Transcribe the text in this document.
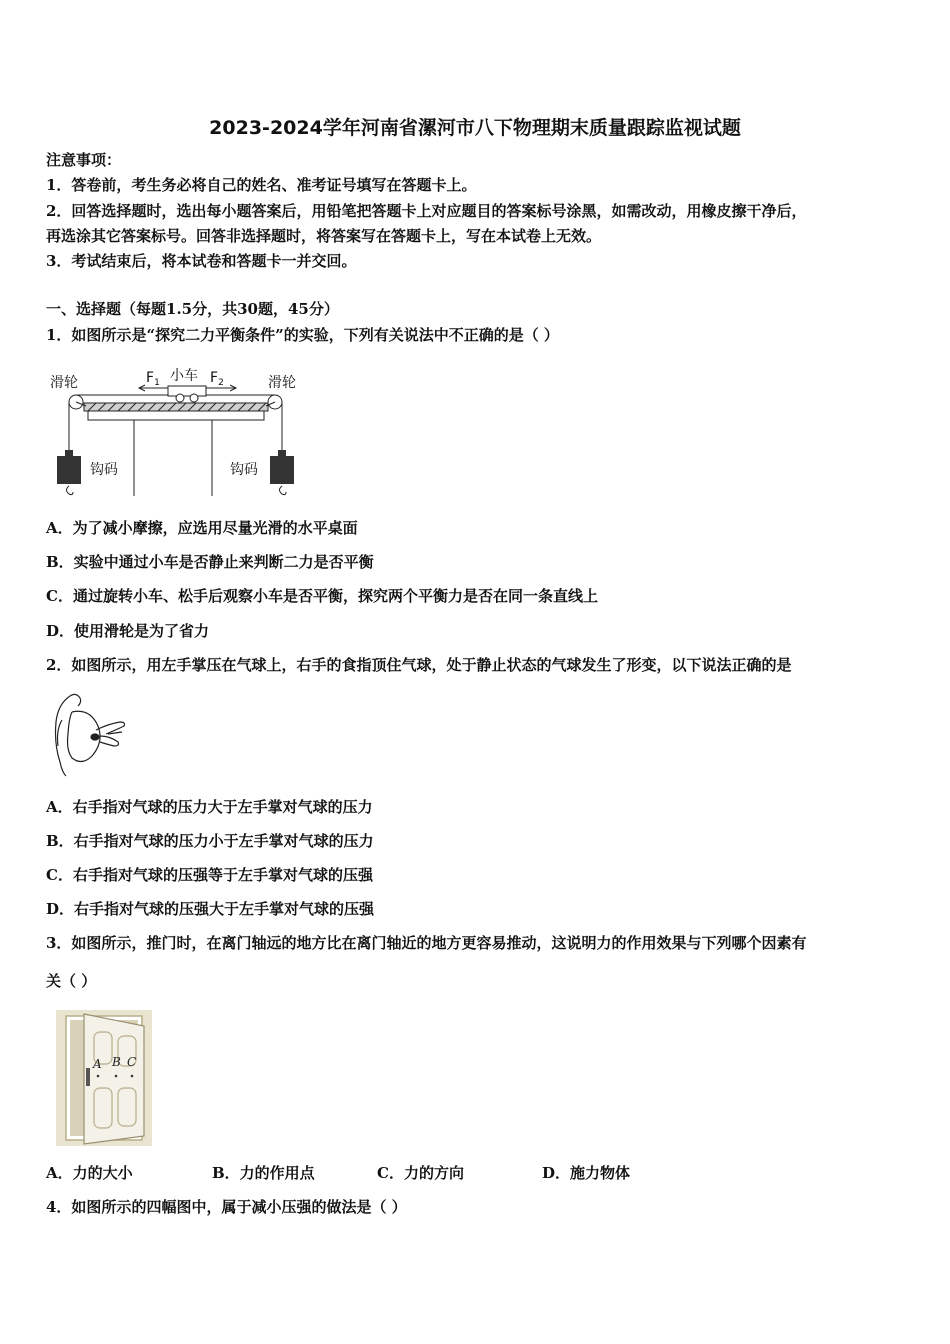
2023-2024学年河南省漯河市八下物理期末质量跟踪监视试题
注意事项：
1．答卷前，考生务必将自己的姓名、准考证号填写在答题卡上。
2．回答选择题时，选出每小题答案后，用铅笔把答题卡上对应题目的答案标号涂黑，如需改动，用橡皮擦干净后，
再选涂其它答案标号。回答非选择题时，将答案写在答题卡上，写在本试卷上无效。
3．考试结束后，将本试卷和答题卡一并交回。
一、选择题（每题1.5分，共30题，45分）
1．如图所示是“探究二力平衡条件”的实验，下列有关说法中不正确的是（ ）
滑轮	滑轮
小车
$F_1$	$F_2$
钩码	钩码
A．为了减小摩擦，应选用尽量光滑的水平桌面
B．实验中通过小车是否静止来判断二力是否平衡
C．通过旋转小车、松手后观察小车是否平衡，探究两个平衡力是否在同一条直线上
D．使用滑轮是为了省力
2．如图所示，用左手掌压在气球上，右手的食指顶住气球，处于静止状态的气球发生了形变，以下说法正确的是
A．右手指对气球的压力大于左手掌对气球的压力
B．右手指对气球的压力小于左手掌对气球的压力
C．右手指对气球的压强等于左手掌对气球的压强
D．右手指对气球的压强大于左手掌对气球的压强
3．如图所示，推门时，在离门轴远的地方比在离门轴近的地方更容易推动，这说明力的作用效果与下列哪个因素有
关（ ）
A B C
A．力的大小	B．力的作用点	C．力的方向	D．施力物体
4．如图所示的四幅图中，属于减小压强的做法是（ ）
